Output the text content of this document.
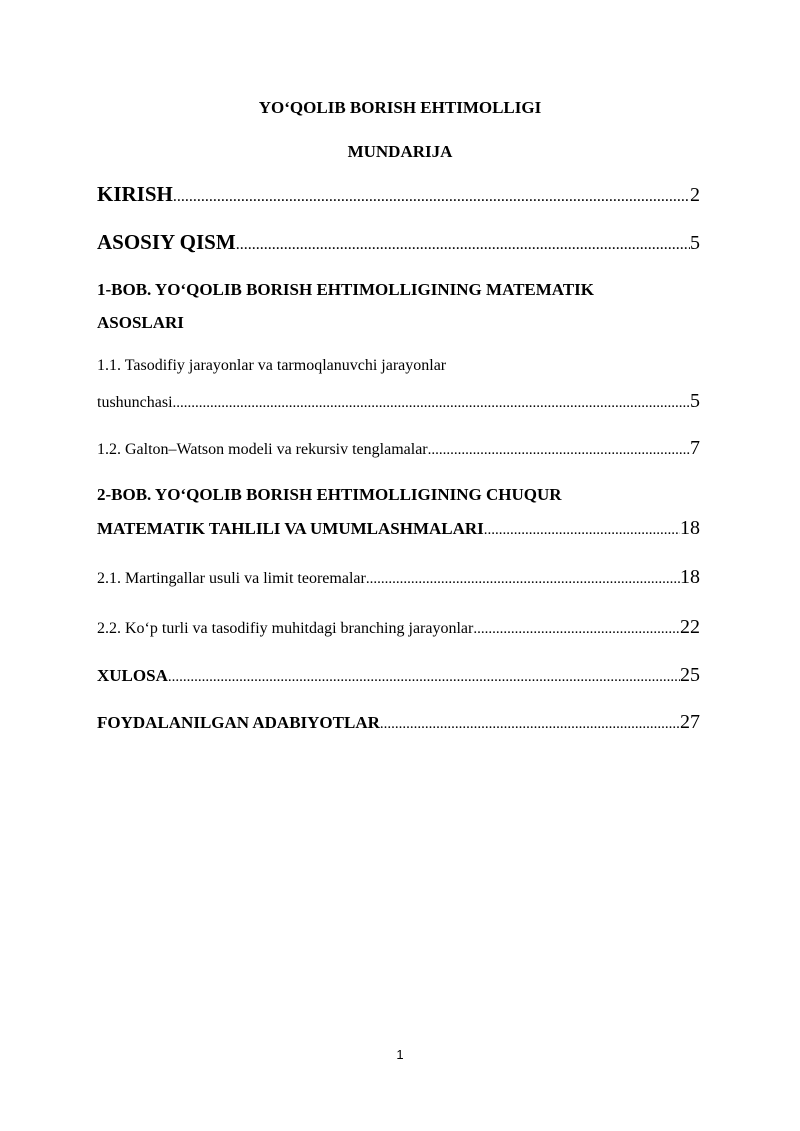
YO‘QOLIB BORISH EHTIMOLLIGI
MUNDARIJA
KIRISH .....	2
ASOSIY QISM .....	5
1-BOB. YO‘QOLIB BORISH EHTIMOLLIGINING MATEMATIK
ASOSLARI
1.1. Tasodifiy jarayonlar va tarmoqlanuvchi jarayonlar
tushunchasi .....	5
1.2. Galton–Watson modeli va rekursiv tenglamalar .....	7
2-BOB. YO‘QOLIB BORISH EHTIMOLLIGINING CHUQUR
MATEMATIK TAHLILI VA UMUMLASHMALARI .....	18
2.1. Martingallar usuli va limit teoremalar .....	18
2.2. Ko‘p turli va tasodifiy muhitdagi branching jarayonlar .....	22
XULOSA .....	25
FOYDALANILGAN ADABIYOTLAR .....	27
1
